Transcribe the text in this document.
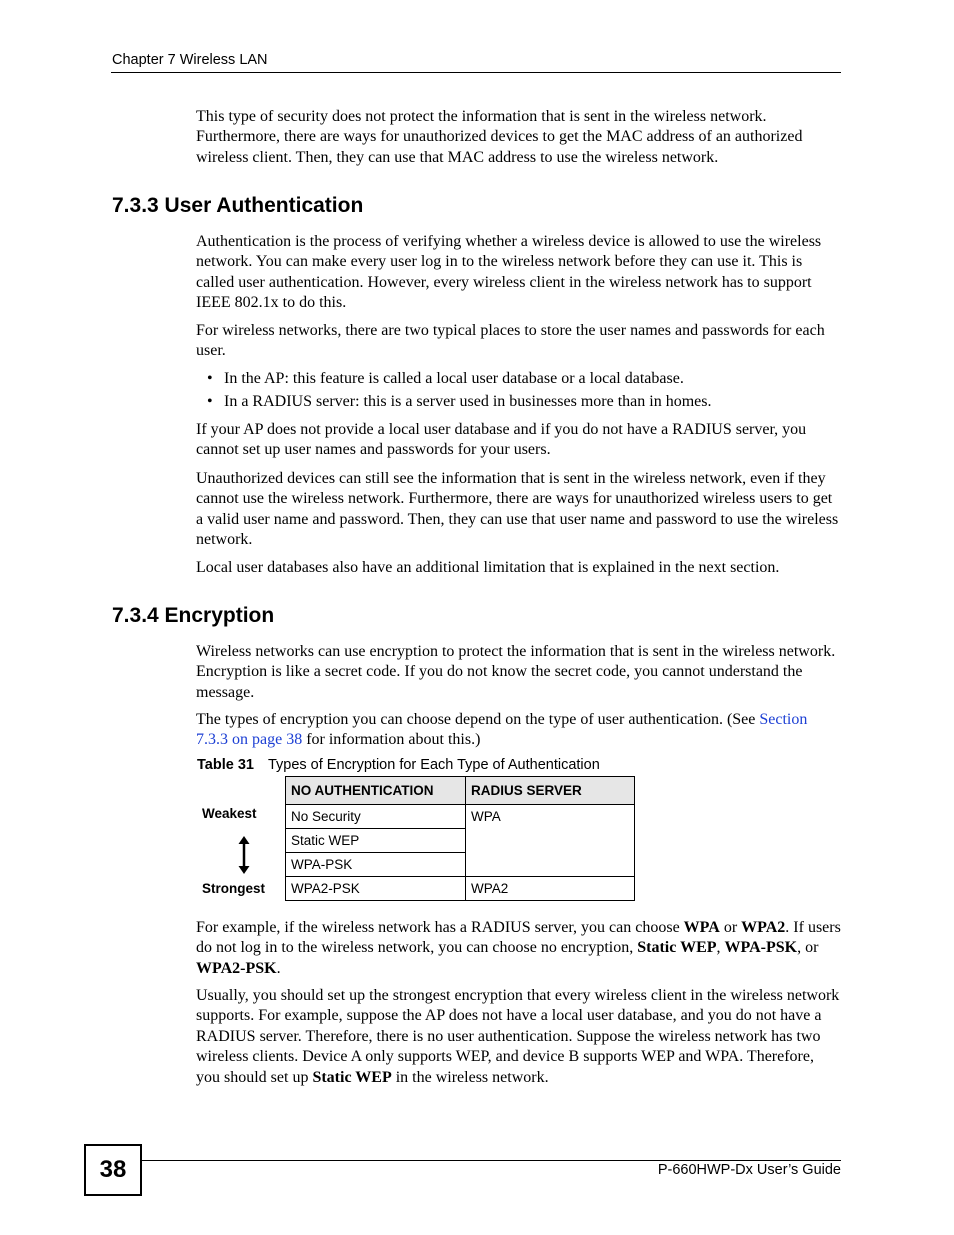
Chapter 7 Wireless LAN
This type of security does not protect the information that is sent in the wireless network. Furthermore, there are ways for unauthorized devices to get the MAC address of an authorized wireless client. Then, they can use that MAC address to use the wireless network.
7.3.3 User Authentication
Authentication is the process of verifying whether a wireless device is allowed to use the wireless network. You can make every user log in to the wireless network before they can use it. This is called user authentication. However, every wireless client in the wireless network has to support IEEE 802.1x to do this.
For wireless networks, there are two typical places to store the user names and passwords for each user.
• In the AP: this feature is called a local user database or a local database.
• In a RADIUS server: this is a server used in businesses more than in homes.
If your AP does not provide a local user database and if you do not have a RADIUS server, you cannot set up user names and passwords for your users.
Unauthorized devices can still see the information that is sent in the wireless network, even if they cannot use the wireless network. Furthermore, there are ways for unauthorized wireless users to get a valid user name and password. Then, they can use that user name and password to use the wireless network.
Local user databases also have an additional limitation that is explained in the next section.
7.3.4 Encryption
Wireless networks can use encryption to protect the information that is sent in the wireless network. Encryption is like a secret code. If you do not know the secret code, you cannot understand the message.
The types of encryption you can choose depend on the type of user authentication. (See Section 7.3.3 on page 38 for information about this.)
Table 31 Types of Encryption for Each Type of Authentication
Weakest
Strongest
NO AUTHENTICATION	RADIUS SERVER
No Security	WPA
Static WEP	
WPA-PSK	
WPA2-PSK	WPA2
For example, if the wireless network has a RADIUS server, you can choose WPA or WPA2. If users do not log in to the wireless network, you can choose no encryption, Static WEP, WPA-PSK, or WPA2-PSK.
Usually, you should set up the strongest encryption that every wireless client in the wireless network supports. For example, suppose the AP does not have a local user database, and you do not have a RADIUS server. Therefore, there is no user authentication. Suppose the wireless network has two wireless clients. Device A only supports WEP, and device B supports WEP and WPA. Therefore, you should set up Static WEP in the wireless network.
38	P-660HWP-Dx User’s Guide
